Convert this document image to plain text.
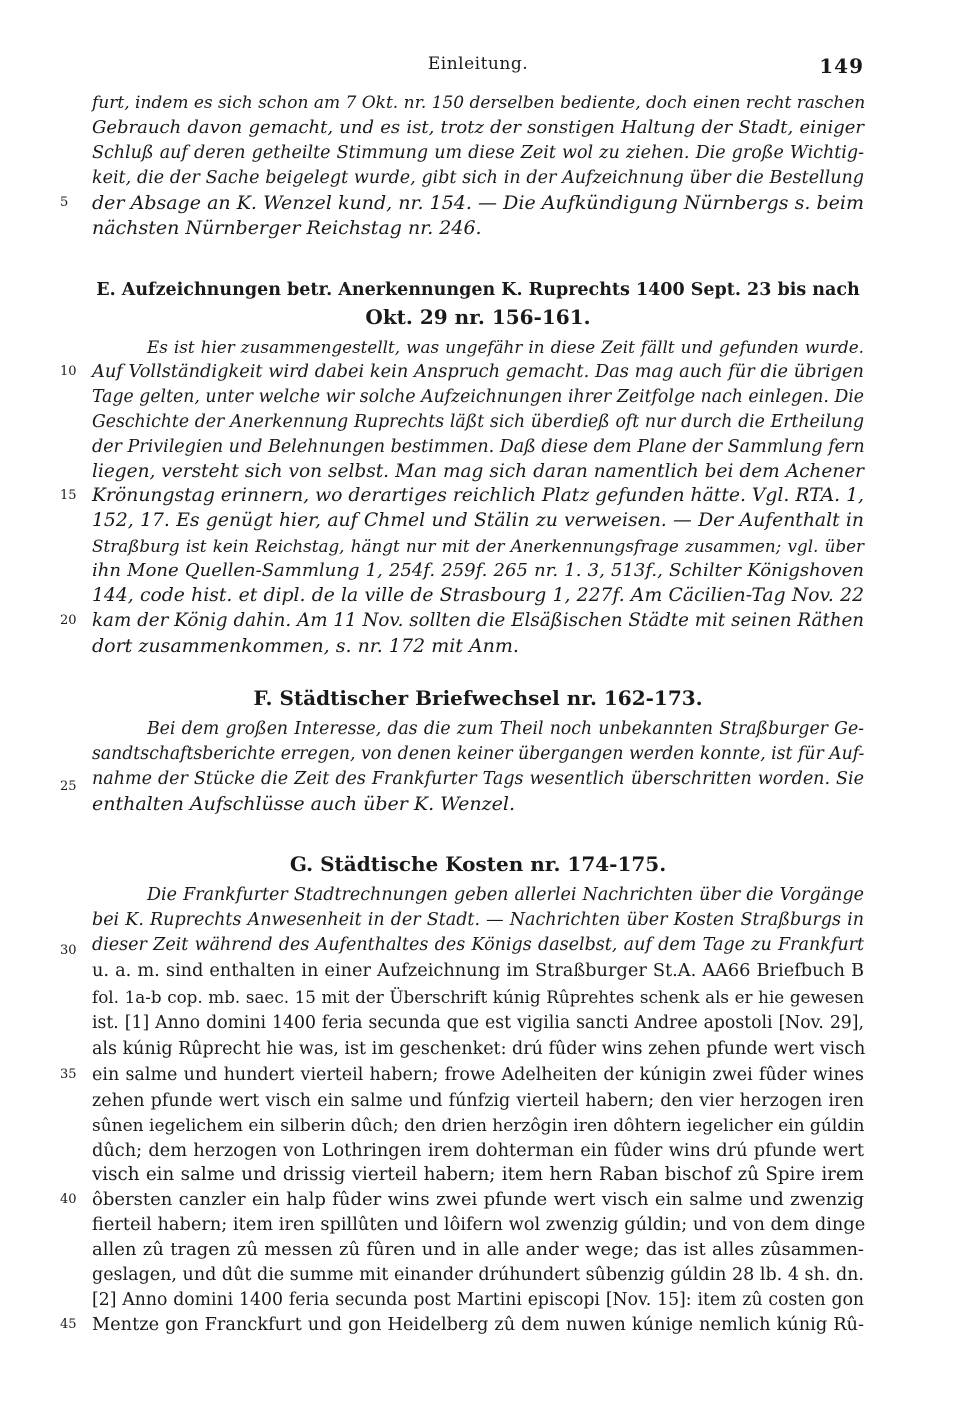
Einleitung.	149
5
10
15
20
25
30
35
40
45
furt, indem es sich schon am 7 Okt. nr. 150 derselben bediente, doch einen recht raschen
Gebrauch davon gemacht, und es ist, trotz der sonstigen Haltung der Stadt, einiger
Schluß auf deren getheilte Stimmung um diese Zeit wol zu ziehen. Die große Wichtig-
keit, die der Sache beigelegt wurde, gibt sich in der Aufzeichnung über die Bestellung
der Absage an K. Wenzel kund, nr. 154. — Die Aufkündigung Nürnbergs s. beim
nächsten Nürnberger Reichstag nr. 246.
E. Aufzeichnungen betr. Anerkennungen K. Ruprechts 1400 Sept. 23 bis nach
Okt. 29 nr. 156-161.
Es ist hier zusammengestellt, was ungefähr in diese Zeit fällt und gefunden wurde.
Auf Vollständigkeit wird dabei kein Anspruch gemacht. Das mag auch für die übrigen
Tage gelten, unter welche wir solche Aufzeichnungen ihrer Zeitfolge nach einlegen. Die
Geschichte der Anerkennung Ruprechts läßt sich überdieß oft nur durch die Ertheilung
der Privilegien und Belehnungen bestimmen. Daß diese dem Plane der Sammlung fern
liegen, versteht sich von selbst. Man mag sich daran namentlich bei dem Achener
Krönungstag erinnern, wo derartiges reichlich Platz gefunden hätte. Vgl. RTA. 1,
152, 17. Es genügt hier, auf Chmel und Stälin zu verweisen. — Der Aufenthalt in
Straßburg ist kein Reichstag, hängt nur mit der Anerkennungsfrage zusammen; vgl. über
ihn Mone Quellen-Sammlung 1, 254f. 259f. 265 nr. 1. 3, 513f., Schilter Königshoven
144, code hist. et dipl. de la ville de Strasbourg 1, 227f. Am Cäcilien-Tag Nov. 22
kam der König dahin. Am 11 Nov. sollten die Elsäßischen Städte mit seinen Räthen
dort zusammenkommen, s. nr. 172 mit Anm.
F. Städtischer Briefwechsel nr. 162-173.
Bei dem großen Interesse, das die zum Theil noch unbekannten Straßburger Ge-
sandtschaftsberichte erregen, von denen keiner übergangen werden konnte, ist für Auf-
nahme der Stücke die Zeit des Frankfurter Tags wesentlich überschritten worden. Sie
enthalten Aufschlüsse auch über K. Wenzel.
G. Städtische Kosten nr. 174-175.
Die Frankfurter Stadtrechnungen geben allerlei Nachrichten über die Vorgänge
bei K. Ruprechts Anwesenheit in der Stadt. — Nachrichten über Kosten Straßburgs in
dieser Zeit während des Aufenthaltes des Königs daselbst, auf dem Tage zu Frankfurt
u. a. m. sind enthalten in einer Aufzeichnung im Straßburger St.A. AA66 Briefbuch B
fol. 1a-b cop. mb. saec. 15 mit der Überschrift kúnig Rûprehtes schenk als er hie gewesen
ist. [1] Anno domini 1400 feria secunda que est vigilia sancti Andree apostoli [Nov. 29],
als kúnig Rûprecht hie was, ist im geschenket: drú fûder wins zehen pfunde wert visch
ein salme und hundert vierteil habern; frowe Adelheiten der kúnigin zwei fûder wines
zehen pfunde wert visch ein salme und fúnfzig vierteil habern; den vier herzogen iren
sûnen iegelichem ein silberin dûch; den drien herzôgin iren dôhtern iegelicher ein gúldin
dûch; dem herzogen von Lothringen irem dohterman ein fûder wins drú pfunde wert
visch ein salme und drissig vierteil habern; item hern Raban bischof zû Spire irem
ôbersten canzler ein halp fûder wins zwei pfunde wert visch ein salme und zwenzig
fierteil habern; item iren spillûten und lôifern wol zwenzig gúldin; und von dem dinge
allen zû tragen zû messen zû fûren und in alle ander wege; das ist alles zûsammen-
geslagen, und dût die summe mit einander drúhundert sûbenzig gúldin 28 lb. 4 sh. dn.
[2] Anno domini 1400 feria secunda post Martini episcopi [Nov. 15]: item zû costen gon
Mentze gon Franckfurt und gon Heidelberg zû dem nuwen kúnige nemlich kúnig Rû-
